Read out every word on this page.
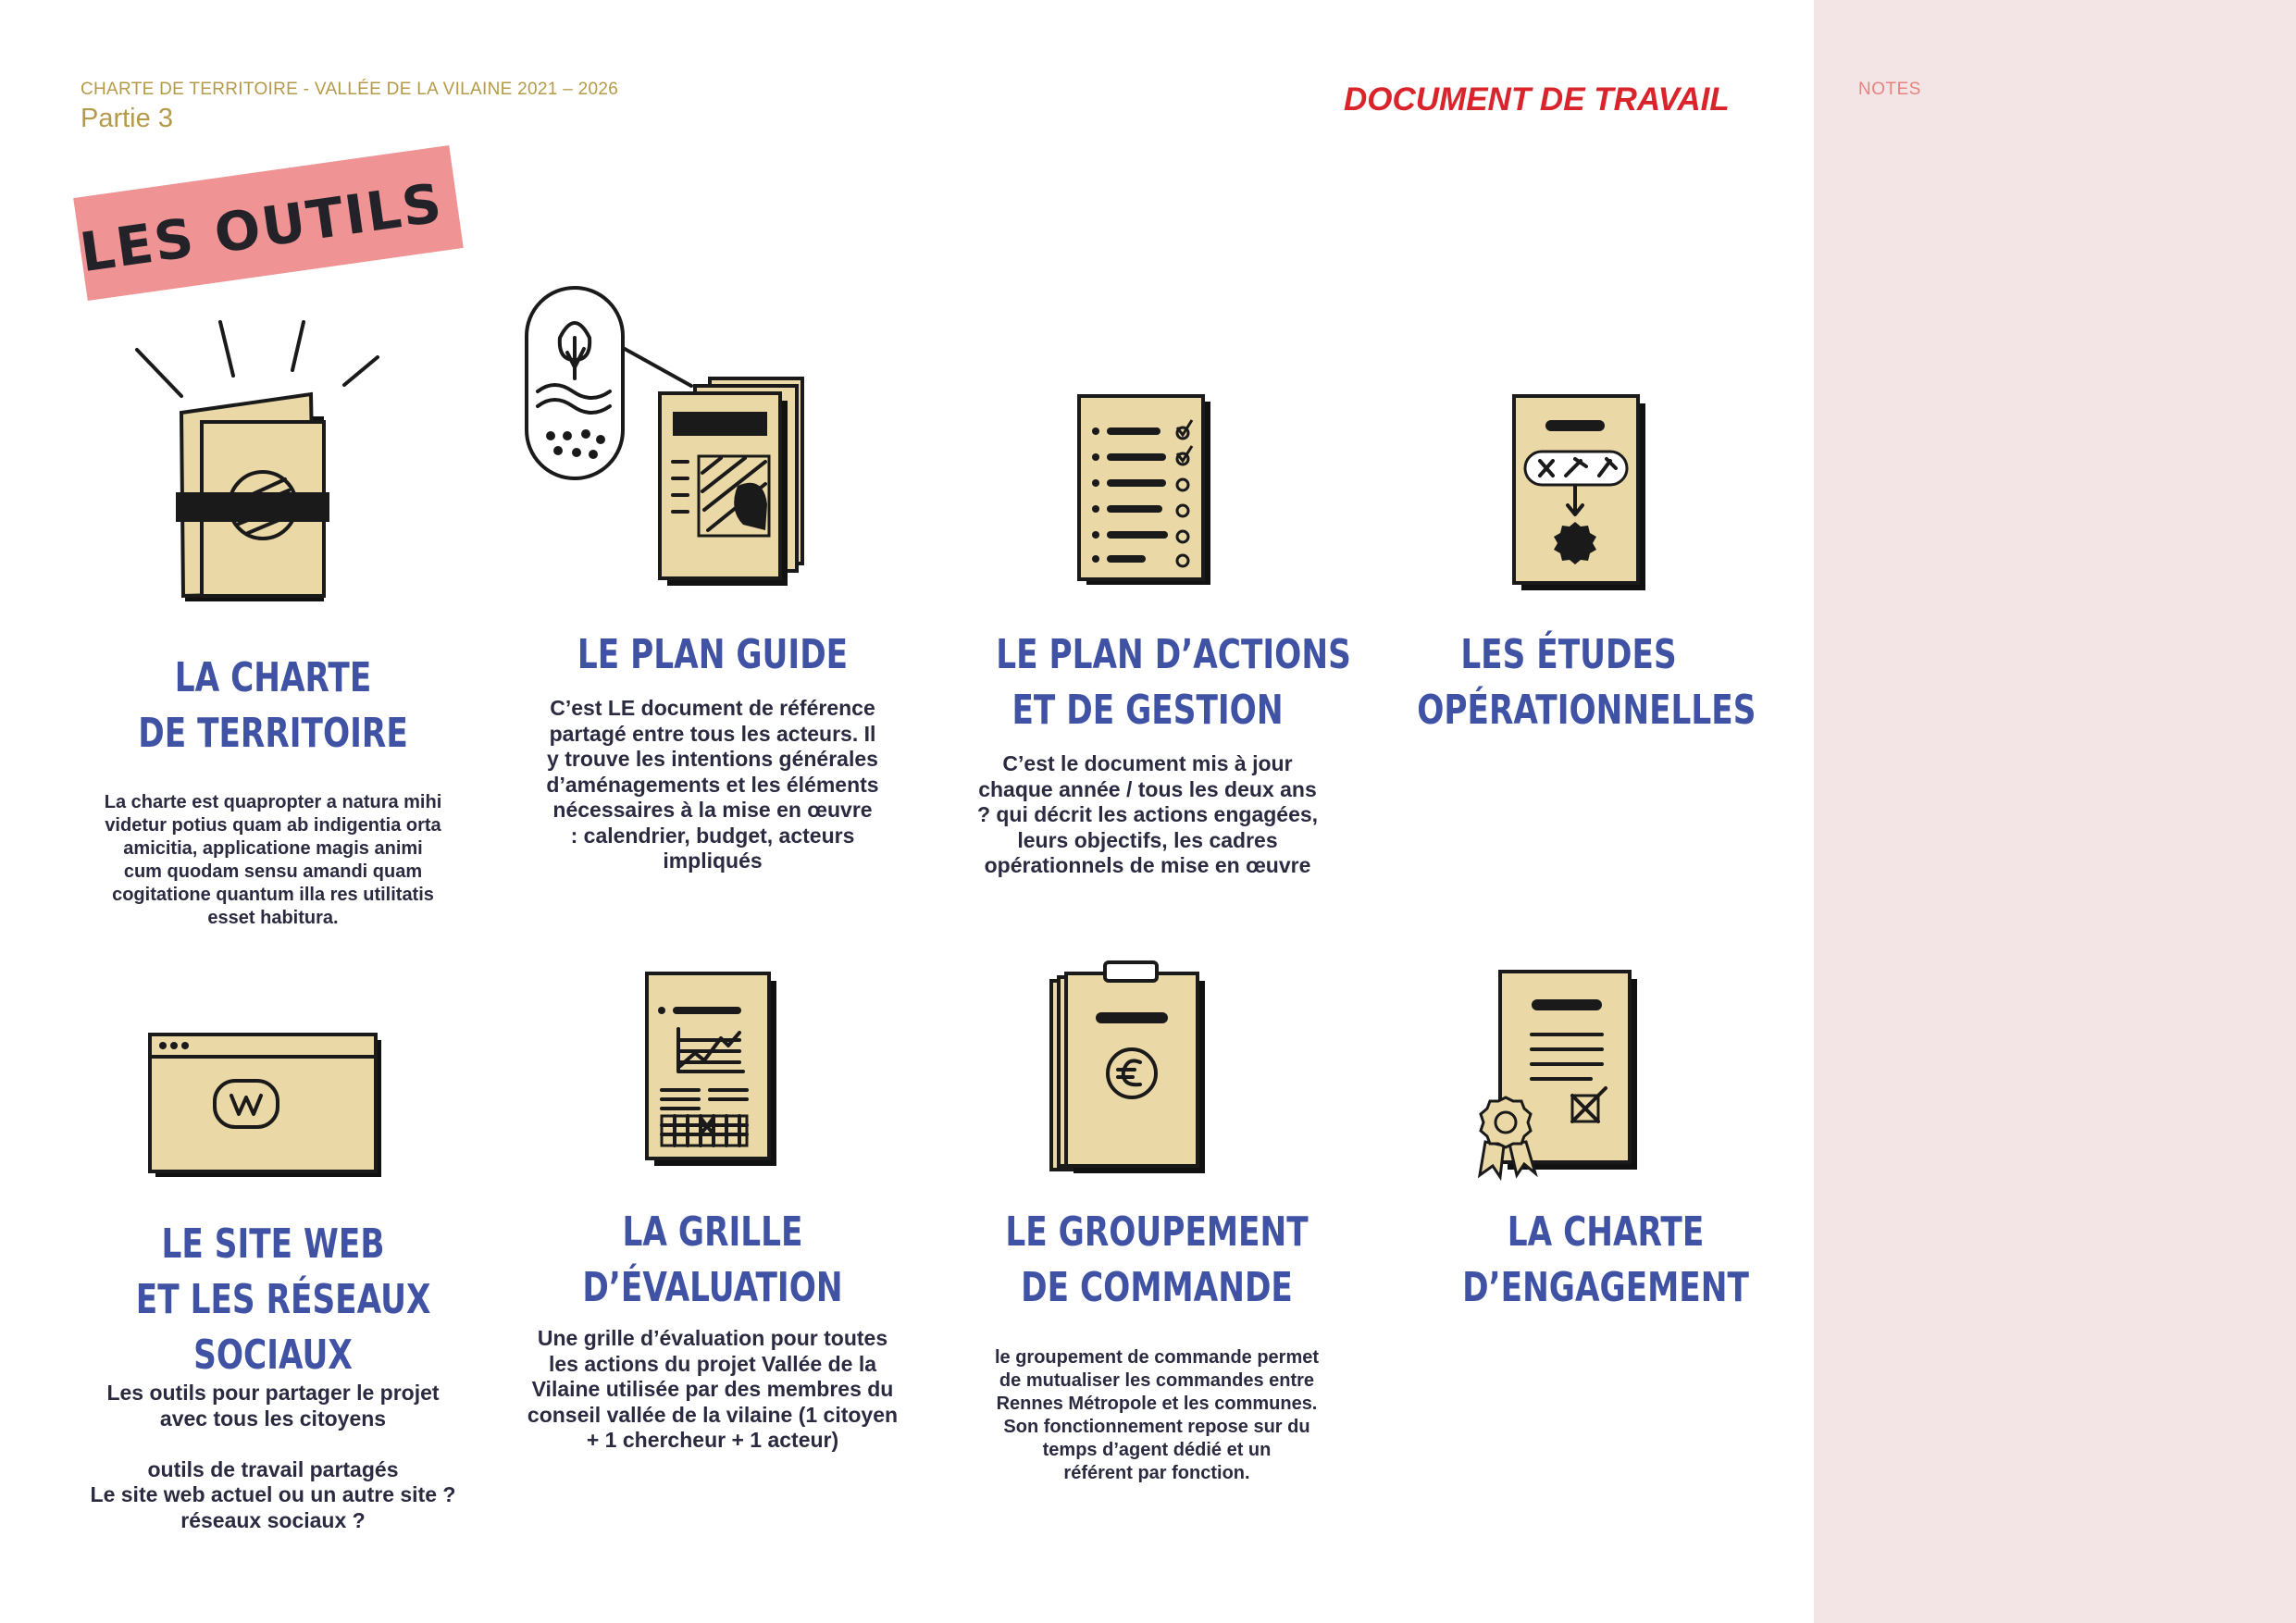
NOTES
CHARTE DE TERRITOIRE - VALLÉE DE LA VILAINE 2021 – 2026
Partie 3
DOCUMENT DE TRAVAIL
LES OUTILS
LA CHARTE
DE TERRITOIRE
La charte est quapropter a natura mihi
videtur potius quam ab indigentia orta
amicitia, applicatione magis animi
cum quodam sensu amandi quam
cogitatione quantum illa res utilitatis
esset habitura.
LE PLAN GUIDE
C’est LE document de référence
partagé entre tous les acteurs. Il
y trouve les intentions générales
d’aménagements et les éléments
nécessaires à la mise en œuvre
: calendrier, budget, acteurs
impliqués
LE PLAN D’ACTIONS
ET DE GESTION
C’est le document mis à jour
chaque année / tous les deux ans
? qui décrit les actions engagées,
leurs objectifs, les cadres
opérationnels de mise en œuvre
LES ÉTUDES
OPÉRATIONNELLES
LE SITE WEB
ET LES RÉSEAUX
SOCIAUX
Les outils pour partager le projet
avec tous les citoyens

outils de travail partagés
Le site web actuel ou un autre site ?
réseaux sociaux ?
LA GRILLE
D’ÉVALUATION
Une grille d’évaluation pour toutes
les actions du projet Vallée de la
Vilaine utilisée par des membres du
conseil vallée de la vilaine (1 citoyen
+ 1 chercheur + 1 acteur)
LE GROUPEMENT
DE COMMANDE
le groupement de commande permet
de mutualiser les commandes entre
Rennes Métropole et les communes.
Son fonctionnement repose sur du
temps d’agent dédié et un
référent par fonction.
LA CHARTE
D’ENGAGEMENT
